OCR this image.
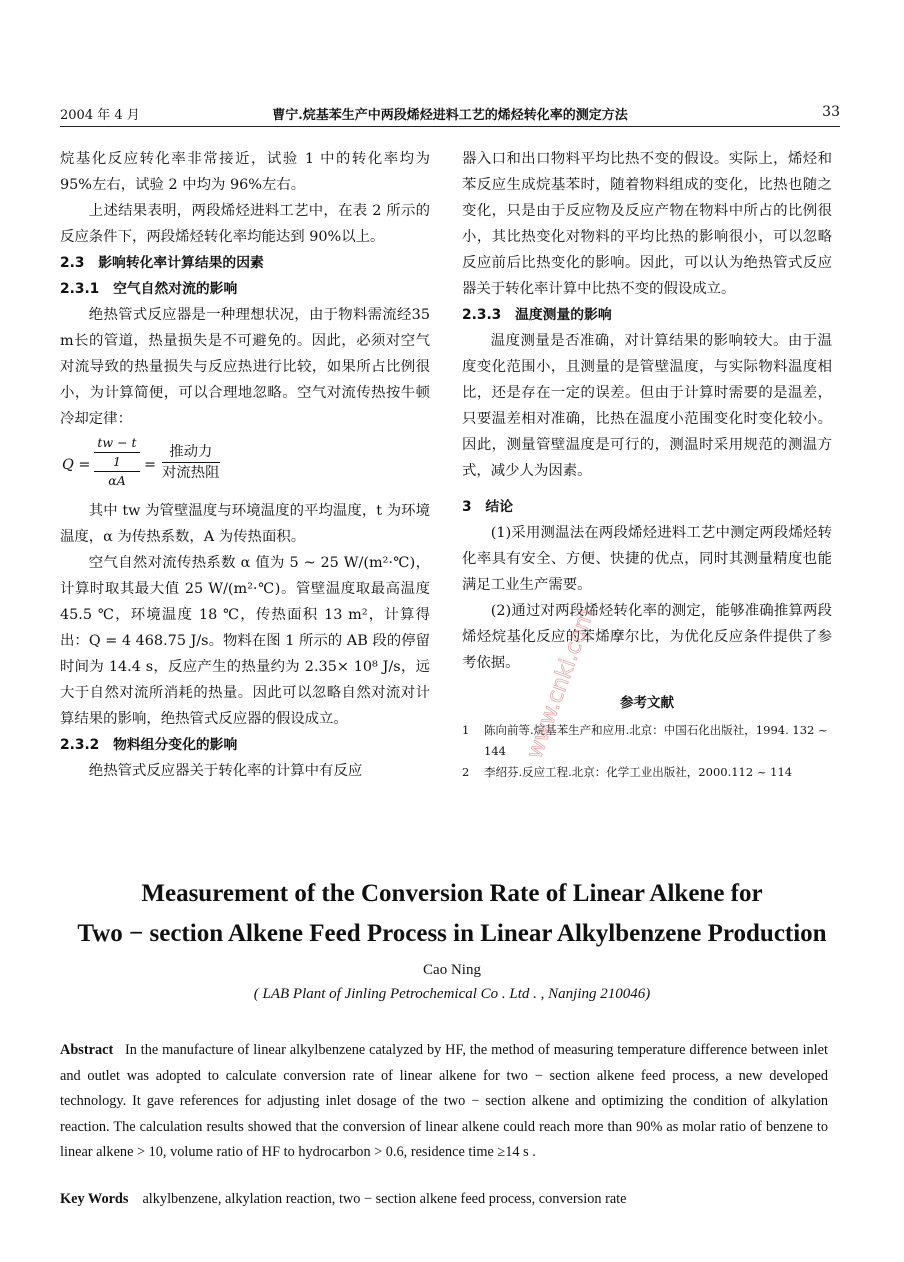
2004 年 4 月	曹宁.烷基苯生产中两段烯烃进料工艺的烯烃转化率的测定方法	33

烷基化反应转化率非常接近，试验 1 中的转化率均为 95%左右，试验 2 中均为 96%左右。

上述结果表明，两段烯烃进料工艺中，在表 2 所示的反应条件下，两段烯烃转化率均能达到 90%以上。

2.3　影响转化率计算结果的因素

2.3.1　空气自然对流的影响

绝热管式反应器是一种理想状况，由于物料需流经35 m长的管道，热量损失是不可避免的。因此，必须对空气对流导致的热量损失与反应热进行比较，如果所占比例很小，为计算简便，可以合理地忽略。空气对流传热按牛顿冷却定律：

Q =
tw − t
1
αA
=
推动力
对流热阻

其中 tw 为管壁温度与环境温度的平均温度，t 为环境温度，α 为传热系数，A 为传热面积。

空气自然对流传热系数 α 值为 5 ~ 25 W/(m²·℃)，计算时取其最大值 25 W/(m²·℃)。管壁温度取最高温度45.5 ℃，环境温度 18 ℃，传热面积 13 m²，计算得出：Q = 4 468.75 J/s。物料在图 1 所示的 AB 段的停留时间为 14.4 s，反应产生的热量约为 2.35× 10⁸ J/s，远大于自然对流所消耗的热量。因此可以忽略自然对流对计算结果的影响，绝热管式反应器的假设成立。

2.3.2　物料组分变化的影响

绝热管式反应器关于转化率的计算中有反应

器入口和出口物料平均比热不变的假设。实际上，烯烃和苯反应生成烷基苯时，随着物料组成的变化，比热也随之变化，只是由于反应物及反应产物在物料中所占的比例很小，其比热变化对物料的平均比热的影响很小，可以忽略反应前后比热变化的影响。因此，可以认为绝热管式反应器关于转化率计算中比热不变的假设成立。

2.3.3　温度测量的影响

温度测量是否准确，对计算结果的影响较大。由于温度变化范围小，且测量的是管壁温度，与实际物料温度相比，还是存在一定的误差。但由于计算时需要的是温差，只要温差相对准确，比热在温度小范围变化时变化较小。因此，测量管壁温度是可行的，测温时采用规范的测温方式，减少人为因素。

3　结论

(1)采用测温法在两段烯烃进料工艺中测定两段烯烃转化率具有安全、方便、快捷的优点，同时其测量精度也能满足工业生产需要。

(2)通过对两段烯烃转化率的测定，能够准确推算两段烯烃烷基化反应的苯烯摩尔比，为优化反应条件提供了参考依据。

参考文献

1 陈向前等.烷基苯生产和应用.北京：中国石化出版社，1994. 132 ~ 144

2 李绍芬.反应工程.北京：化学工业出版社，2000.112 ~ 114

Measurement of the Conversion Rate of Linear Alkene for
Two − section Alkene Feed Process in Linear Alkylbenzene Production
Cao Ning
( LAB Plant of Jinling Petrochemical Co . Ltd . , Nanjing 210046)

Abstract In the manufacture of linear alkylbenzene catalyzed by HF, the method of measuring temperature difference between inlet and outlet was adopted to calculate conversion rate of linear alkene for two − section alkene feed process, a new developed technology. It gave references for adjusting inlet dosage of the two − section alkene and optimizing the condition of alkylation reaction. The calculation results showed that the conversion of linear alkene could reach more than 90% as molar ratio of benzene to linear alkene > 10, volume ratio of HF to hydrocarbon > 0.6, residence time ≥14 s .

Key Words alkylbenzene, alkylation reaction, two − section alkene feed process, conversion rate

www.cnki.com
